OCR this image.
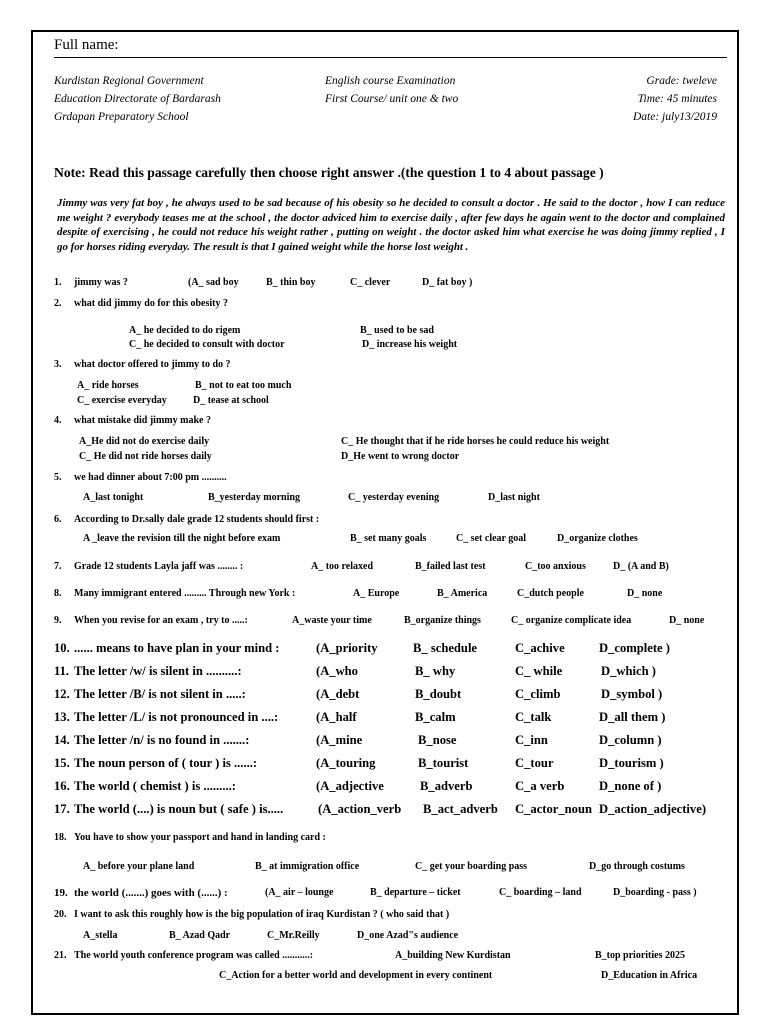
Full name:
Kurdistan Regional Government
Education Directorate of Bardarash
Grdapan Preparatory School
English course Examination
First Course/ unit one & two
Grade: tweleve
Time: 45 minutes
Date: july13/2019
Note: Read this passage carefully then choose right answer .(the question 1 to 4 about passage )
Jimmy was very fat boy , he always used to be sad because of his obesity so he decided to consult a doctor . He said to the doctor , how I can reduce me weight ? everybody teases me at the school , the doctor adviced him to exercise daily , after few days he again went to the doctor and complained despite of exercising , he could not reduce his weight rather , putting on weight . the doctor asked him what exercise he was doing jimmy replied , I go for horses riding everyday. The result is that I gained weight while the horse lost weight .
1. jimmy was ?	(A_ sad boy	B_ thin boy	C_ clever	D_ fat boy )
2. what did jimmy do for this obesity ?
A_ he decided to do rigem	B_ used to be sad
C_ he decided to consult with doctor	D_ increase his weight
3. what doctor offered to jimmy to do ?
A_ ride horses	B_ not to eat too much
C_ exercise everyday	D_ tease at school
4. what mistake did jimmy make ?
A_He did not do exercise daily	C_ He thought that if he ride horses he could reduce his weight
C_ He did not ride horses daily	D_He went to wrong doctor
5. we had dinner about 7:00 pm ..........
A_last tonight	B_yesterday morning	C_ yesterday evening	D_last night
6. According to Dr.sally dale grade 12 students should first :
A _leave the revision till the night before exam	B_ set many goals	C_ set clear goal	D_organize clothes
7. Grade 12 students Layla jaff was ........ :	A_ too relaxed	B_failed last test	C_too anxious	D_ (A and B)
8. Many immigrant entered ......... Through new York :	A_ Europe	B_ America	C_dutch people	D_ none
9. When you revise for an exam , try to .....:	A_waste your time	B_organize things	C_ organize complicate idea	D_ none
10. ...... means to have plan in your mind :	(A_priority	B_ schedule	C_achive	D_complete )
11. The letter /w/ is silent in ..........:	(A_who	B_ why	C_ while	D_which )
12. The letter /B/ is not silent in .....:	(A_debt	B_doubt	C_climb	D_symbol )
13. The letter /L/ is not pronounced in ....:	(A_half	B_calm	C_talk	D_all them )
14. The letter /n/ is no found in .......:	(A_mine	B_nose	C_inn	D_column )
15. The noun person of ( tour ) is ......:	(A_touring	B_tourist	C_tour	D_tourism )
16. The world ( chemist ) is .........:	(A_adjective	B_adverb	C_a verb	D_none of )
17. The world (....) is noun but ( safe ) is.....	(A_action_verb B_act_adverb C_actor_noun D_action_adjective)
18. You have to show your passport and hand in landing card :
A_ before your plane land	B_ at immigration office	C_ get your boarding pass	D_go through costums
19. the world (.......) goes with (......) :	(A_ air – lounge	B_ departure – ticket	C_ boarding – land	D_boarding - pass )
20. I want to ask this roughly how is the big population of iraq Kurdistan ? ( who said that )
A_stella	B_ Azad Qadr	C_Mr.Reilly	D_one Azad"s audience
21. The world youth conference program was called ...........:	A_building New Kurdistan	B_top priorities 2025
C_Action for a better world and development in every continent	D_Education in Africa
